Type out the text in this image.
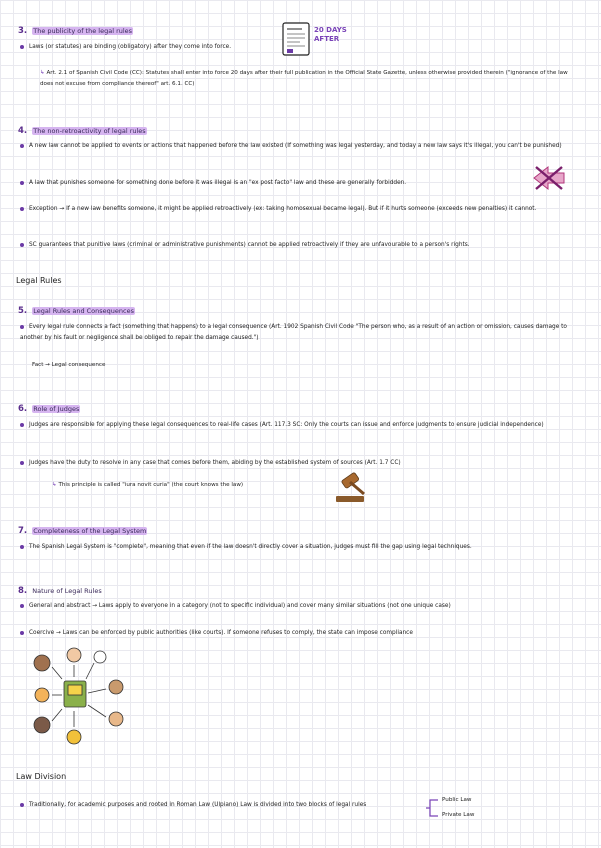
3. The publicity of the legal rules
Laws (or statutes) are binding (obligatory) after they come into force.
↳ Art. 2.1 of Spanish Civil Code (CC): Statutes shall enter into force 20 days after their full publication in the Official State Gazette, unless otherwise provided therein ("ignorance of the law does not excuse from compliance thereof" art. 6.1. CC)
20 DAYS AFTER
4. The non-retroactivity of legal rules
A new law cannot be applied to events or actions that happened before the law existed (If something was legal yesterday, and today a new law says it's illegal, you can't be punished)
A law that punishes someone for something done before it was illegal is an "ex post facto" law and these are generally forbidden.
Exception → If a new law benefits someone, it might be applied retroactively (ex: taking homosexual became legal). But if it hurts someone (exceeds new penalties) it cannot.
SC guarantees that punitive laws (criminal or administrative punishments) cannot be applied retroactively if they are unfavourable to a person's rights.
Legal Rules
5. Legal Rules and Consequences
Every legal rule connects a fact (something that happens) to a legal consequence (Art. 1902 Spanish Civil Code "The person who, as a result of an action or omission, causes damage to another by his fault or negligence shall be obliged to repair the damage caused.")
Fact → Legal consequence
6. Role of Judges
Judges are responsible for applying these legal consequences to real-life cases (Art. 117.3 SC: Only the courts can issue and enforce judgments to ensure judicial independence)
Judges have the duty to resolve in any case that comes before them, abiding by the established system of sources (Art. 1.7 CC)
↳ This principle is called "iura novit curia" (the court knows the law)
7. Completeness of the Legal System
The Spanish Legal System is "complete", meaning that even if the law doesn't directly cover a situation, judges must fill the gap using legal techniques.
8. Nature of Legal Rules
General and abstract → Laws apply to everyone in a category (not to specific individual) and cover many similar situations (not one unique case)
Coercive → Laws can be enforced by public authorities (like courts). If someone refuses to comply, the state can impose compliance
Law Division
Traditionally, for academic purposes and rooted in Roman Law (Ulpiano) Law is divided into two blocks of legal rules
Public Law
Private Law
